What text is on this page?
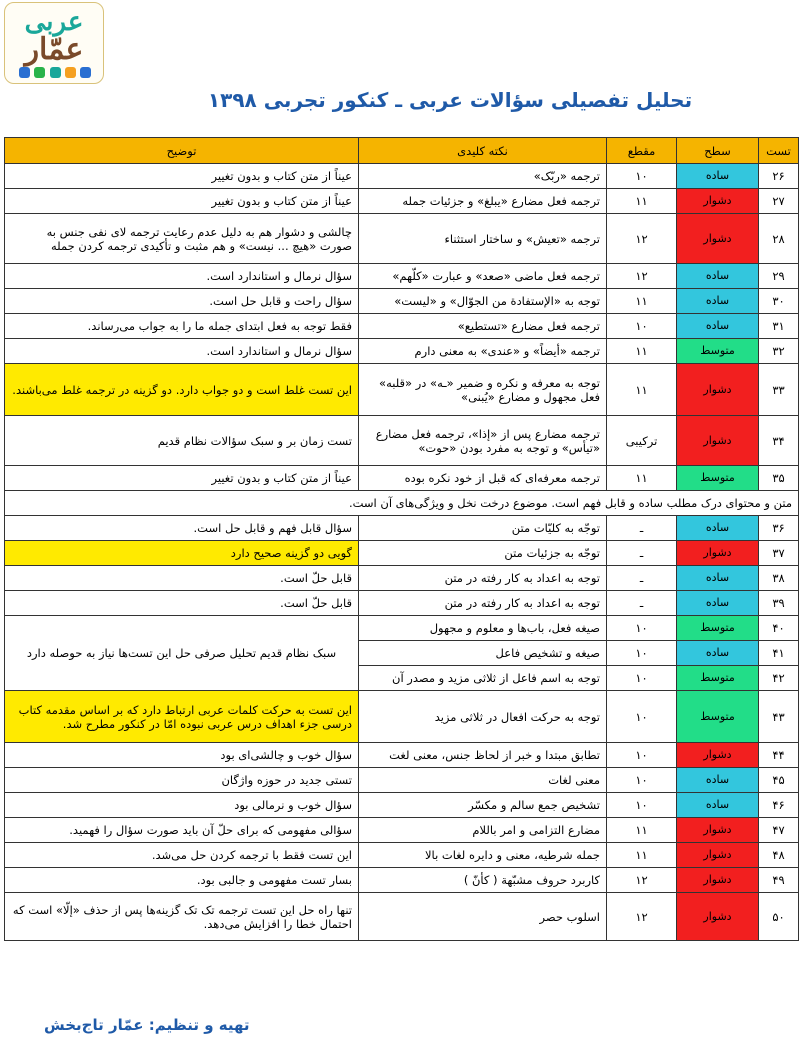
عربی
عمّار
تحلیل تفصیلی سؤالات عربی ـ کنکور تجربی ۱۳۹۸
تست	سطح	مقطع	نکته کلیدی	توضیح
۲۶	ساده	۱۰	ترجمه «ربّک»	عیناً از متن کتاب و بدون تغییر
۲۷	دشوار	۱۱	ترجمه فعل مضارع «یبلغ» و جزئیات جمله	عیناً از متن کتاب و بدون تغییر
۲۸	دشوار	۱۲	ترجمه «تعیش» و ساختار استثناء	چالشی و دشوار هم به دلیل عدم رعایت ترجمه لای نفی جنس به صورت «هیچ ... نیست» و هم مثبت و تأکیدی ترجمه کردن جمله
۲۹	ساده	۱۲	ترجمه فعل ماضی «صعد» و عبارت «کلّهم»	سؤال نرمال و استاندارد است.
۳۰	ساده	۱۱	توجه به «الإستفادة من الجوّال» و «لیست»	سؤال راحت و قابل حل است.
۳۱	ساده	۱۰	ترجمه فعل مضارع «تستطیع»	فقط توجه به فعل ابتدای جمله ما را به جواب می‌رساند.
۳۲	متوسط	۱۱	ترجمه «أیضاً» و «عندی» به معنی دارم	سؤال نرمال و استاندارد است.
۳۳	دشوار	۱۱	توجه به معرفه و نکره و ضمیر «ـه» در «قلبه» فعل مجهول و مضارع «یُبنی»	این تست غلط است و دو جواب دارد. دو گزینه در ترجمه غلط می‌باشند.
۳۴	دشوار	ترکیبی	ترجمه مضارع پس از «إذا»، ترجمه فعل مضارع «تیأس» و توجه به مفرد بودن «حوت»	تست زمان بر و سبک سؤالات نظام قدیم
۳۵	متوسط	۱۱	ترجمه معرفه‌ای که قبل از خود نکره بوده	عیناً از متن کتاب و بدون تغییر
متن و محتوای درک مطلب ساده و قابل فهم است. موضوع درخت نخل و ویژگی‌های آن است.				
۳۶	ساده	ـ	توجّه به کلیّات متن	سؤال قابل فهم و قابل حل است.
۳۷	دشوار	ـ	توجّه به جزئیات متن	گویی دو گزینه صحیح دارد
۳۸	ساده	ـ	توجه به اعداد به کار رفته در متن	قابل حلّ است.
۳۹	ساده	ـ	توجه به اعداد به کار رفته در متن	قابل حلّ است.
۴۰	متوسط	۱۰	صیغه فعل، باب‌ها و معلوم و مجهول	سبک نظام قدیم تحلیل صرفی حل این تست‌ها نیاز به حوصله دارد
۴۱	ساده	۱۰	صیغه و تشخیص فاعل	
۴۲	متوسط	۱۰	توجه به اسم فاعل از ثلاثی مزید و مصدر آن	
۴۳	متوسط	۱۰	توجه به حرکت افعال در ثلاثی مزید	این تست به حرکت کلمات عربی ارتباط دارد که بر اساس مقدمه کتاب درسی جزء اهداف درس عربی نبوده امّا در کنکور مطرح شد.
۴۴	دشوار	۱۰	تطابق مبتدا و خبر از لحاظ جنس، معنی لغت	سؤال خوب و چالشی‌ای بود
۴۵	ساده	۱۰	معنی لغات	تستی جدید در حوزه واژگان
۴۶	ساده	۱۰	تشخیص جمع سالم و مکسّر	سؤال خوب و نرمالی بود
۴۷	دشوار	۱۱	مضارع التزامی و امر باللام	سؤالی مفهومی که برای حلّ آن باید صورت سؤال را فهمید.
۴۸	دشوار	۱۱	جمله شرطیه، معنی و دایره لغات بالا	این تست فقط با ترجمه کردن حل می‌شد.
۴۹	دشوار	۱۲	کاربرد حروف مشبّهة ( کأنّ )	بسار تست مفهومی و جالبی بود.
۵۰	دشوار	۱۲	اسلوب حصر	تنها راه حل این تست ترجمه تک تک گزینه‌ها پس از حذف «إلّا» است که احتمال خطا را افزایش می‌دهد.
تهیه و تنظیم: عمّار تاج‌بخش
